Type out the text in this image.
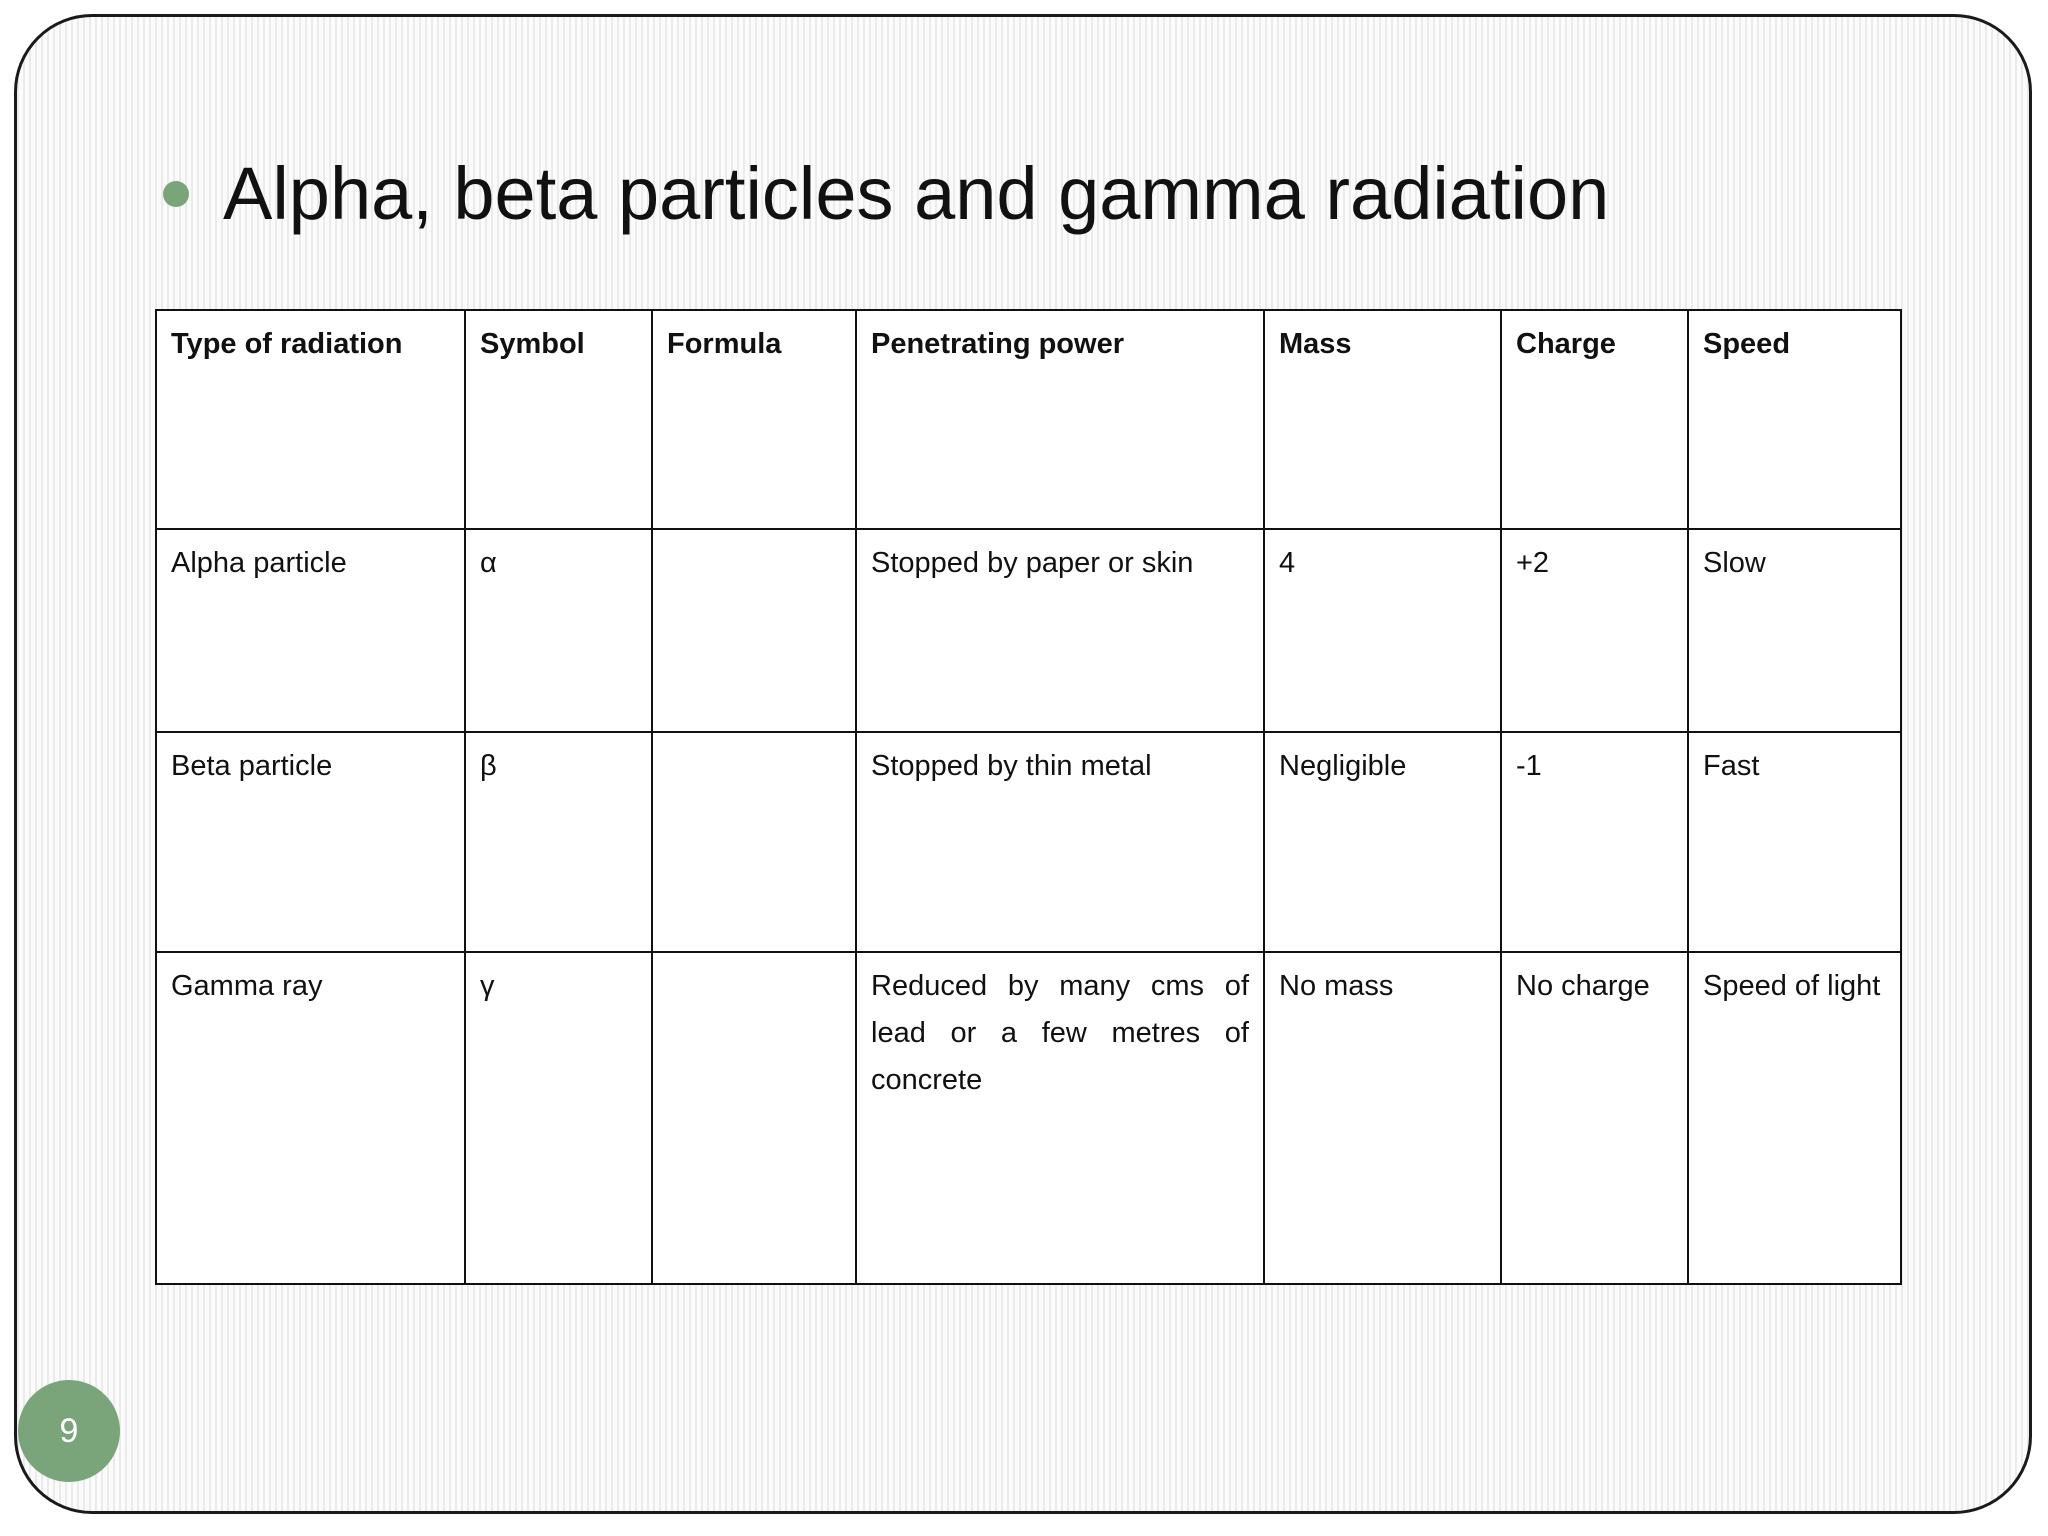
Alpha, beta particles and gamma radiation
Type of radiation	Symbol	Formula	Penetrating power	Mass	Charge	Speed
Alpha particle	α		Stopped by paper or skin	4	+2	Slow
Beta particle	β		Stopped by thin metal	Negligible	-1	Fast
Gamma ray	γ		Reduced by many cms of lead or a few metres of concrete	No mass	No charge	Speed of light
9
